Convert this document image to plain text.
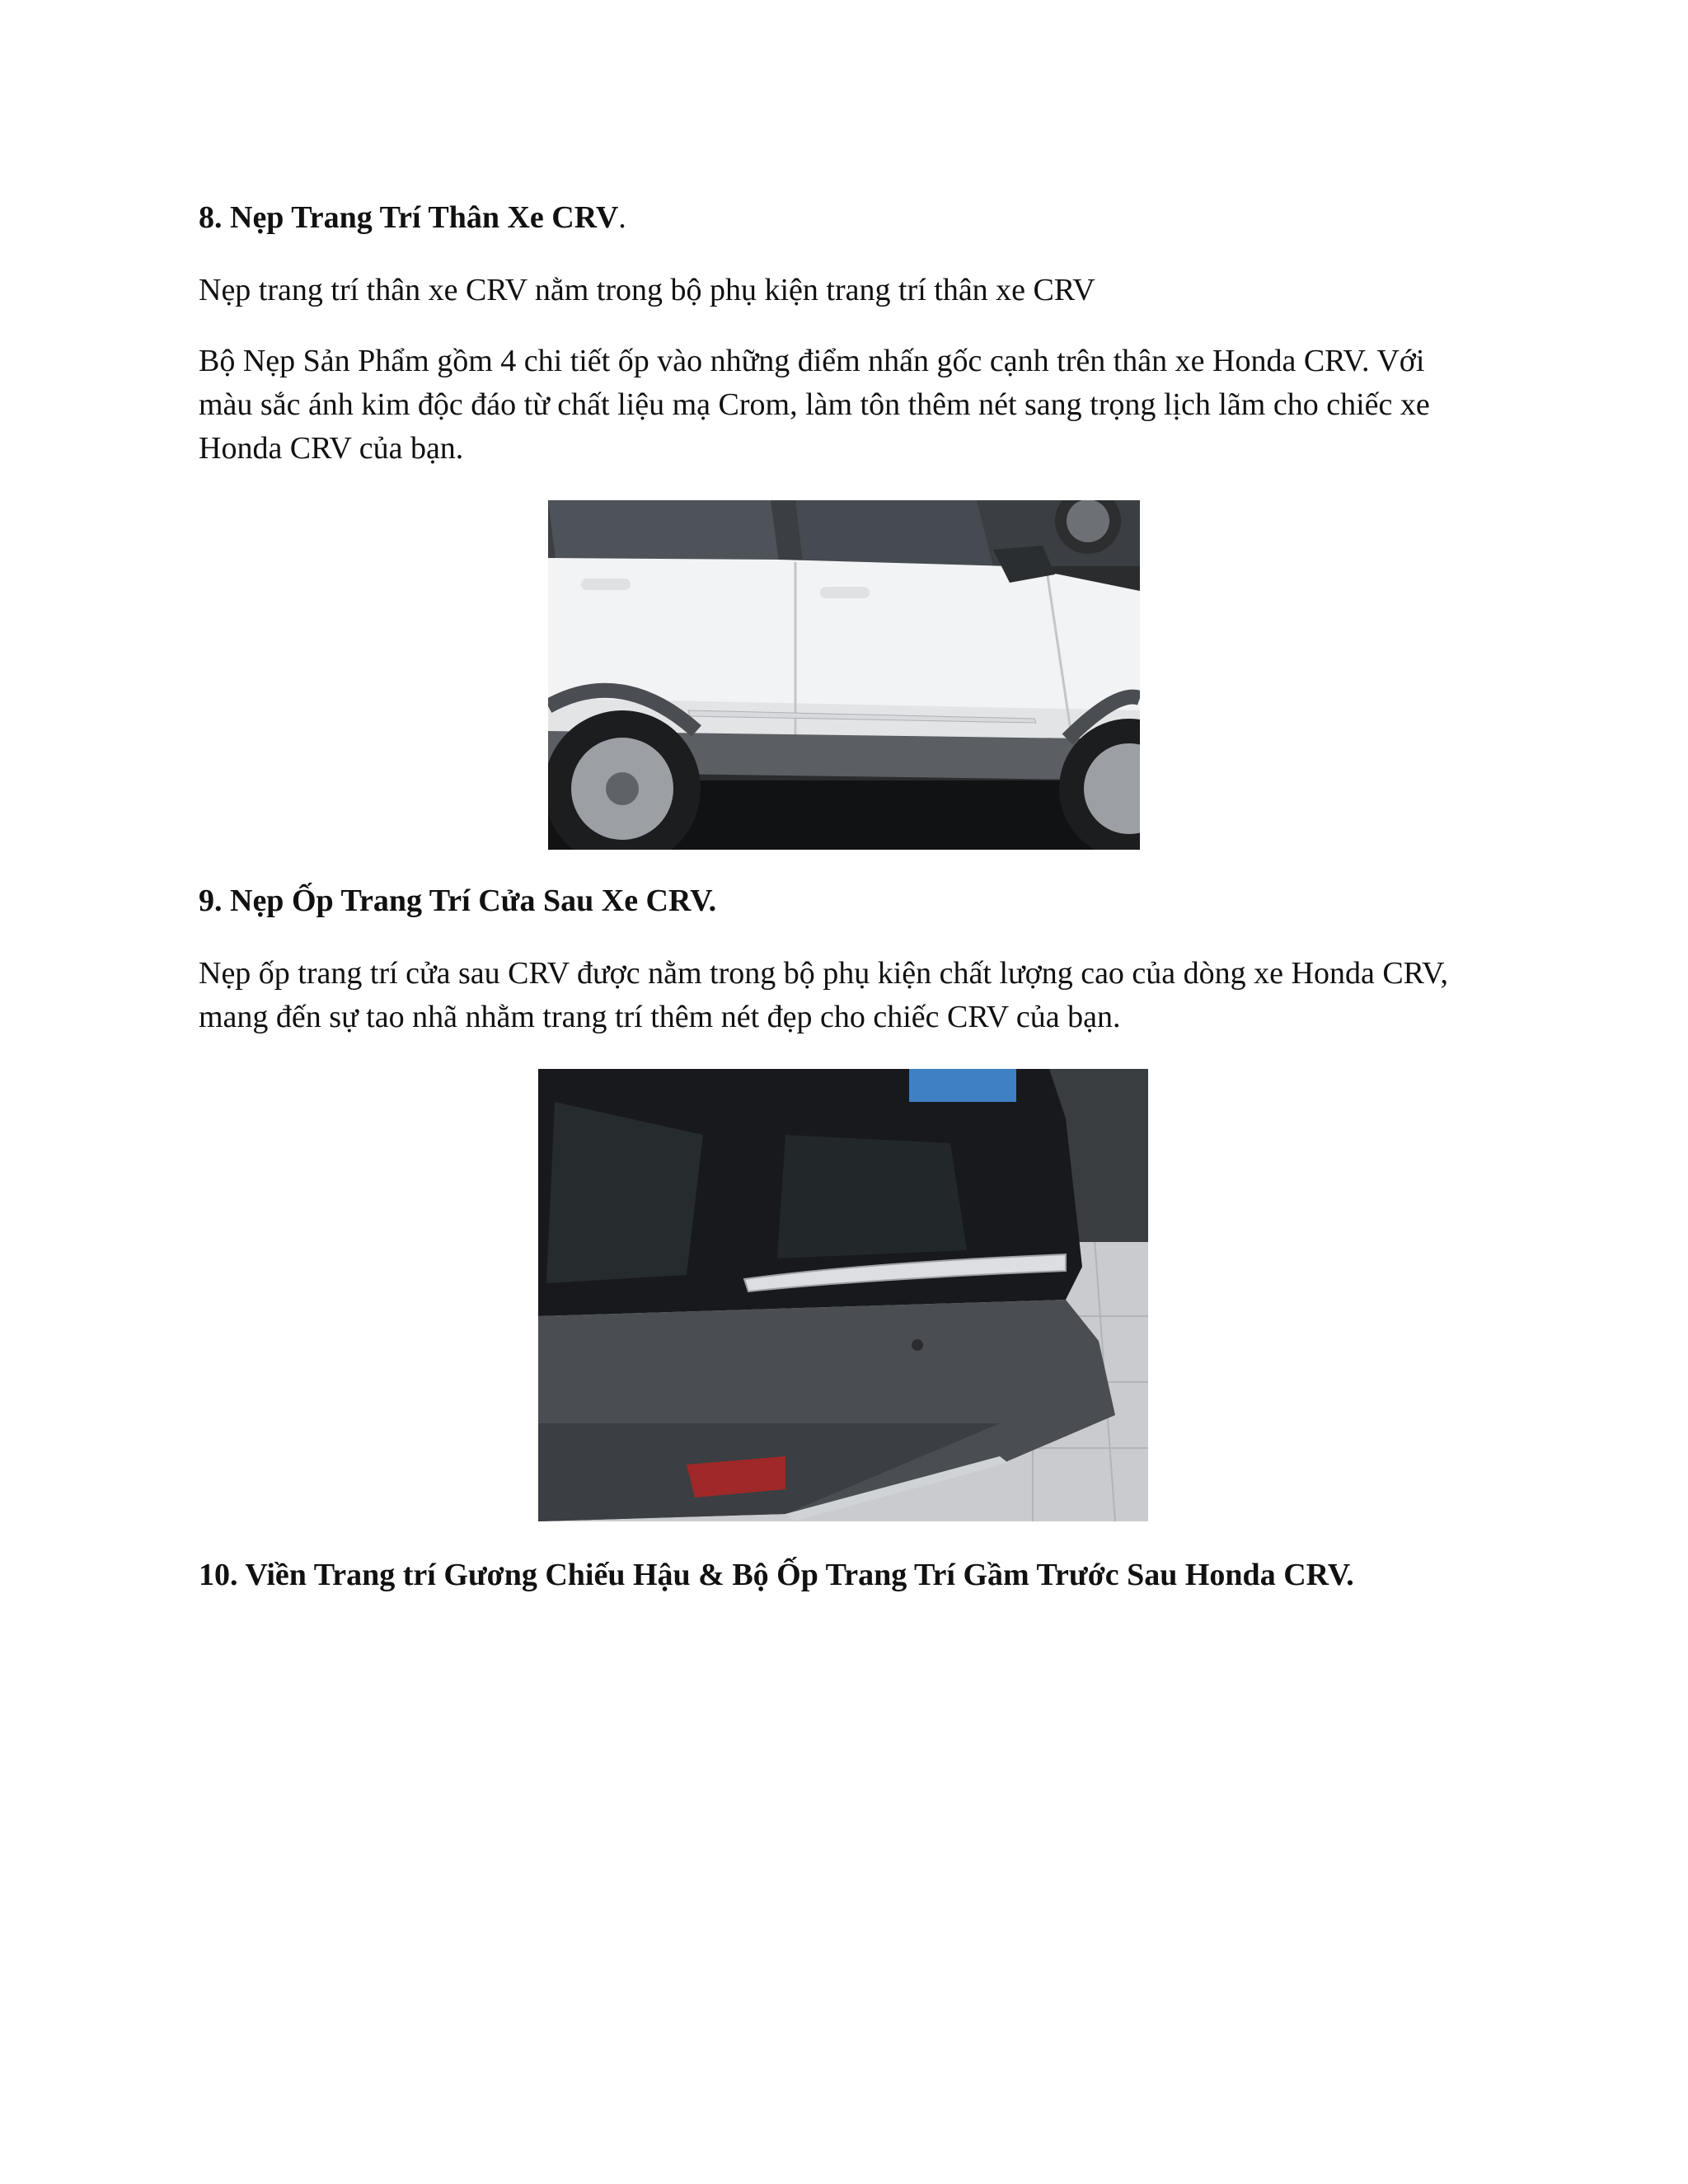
8. Nẹp Trang Trí Thân Xe CRV.

Nẹp trang trí thân xe CRV nằm trong bộ phụ kiện trang trí thân xe CRV

Bộ Nẹp Sản Phẩm gồm 4 chi tiết ốp vào những điểm nhấn gốc cạnh trên thân xe Honda CRV. Với màu sắc ánh kim độc đáo từ chất liệu mạ Crom, làm tôn thêm nét sang trọng lịch lãm cho chiếc xe Honda CRV của bạn.

9. Nẹp Ốp Trang Trí Cửa Sau Xe CRV.

Nẹp ốp trang trí cửa sau CRV được nằm trong bộ phụ kiện chất lượng cao của dòng xe Honda CRV, mang đến sự tao nhã nhằm trang trí thêm nét đẹp cho chiếc CRV của bạn.

10. Viền Trang trí Gương Chiếu Hậu & Bộ Ốp Trang Trí Gầm Trước Sau Honda CRV.
